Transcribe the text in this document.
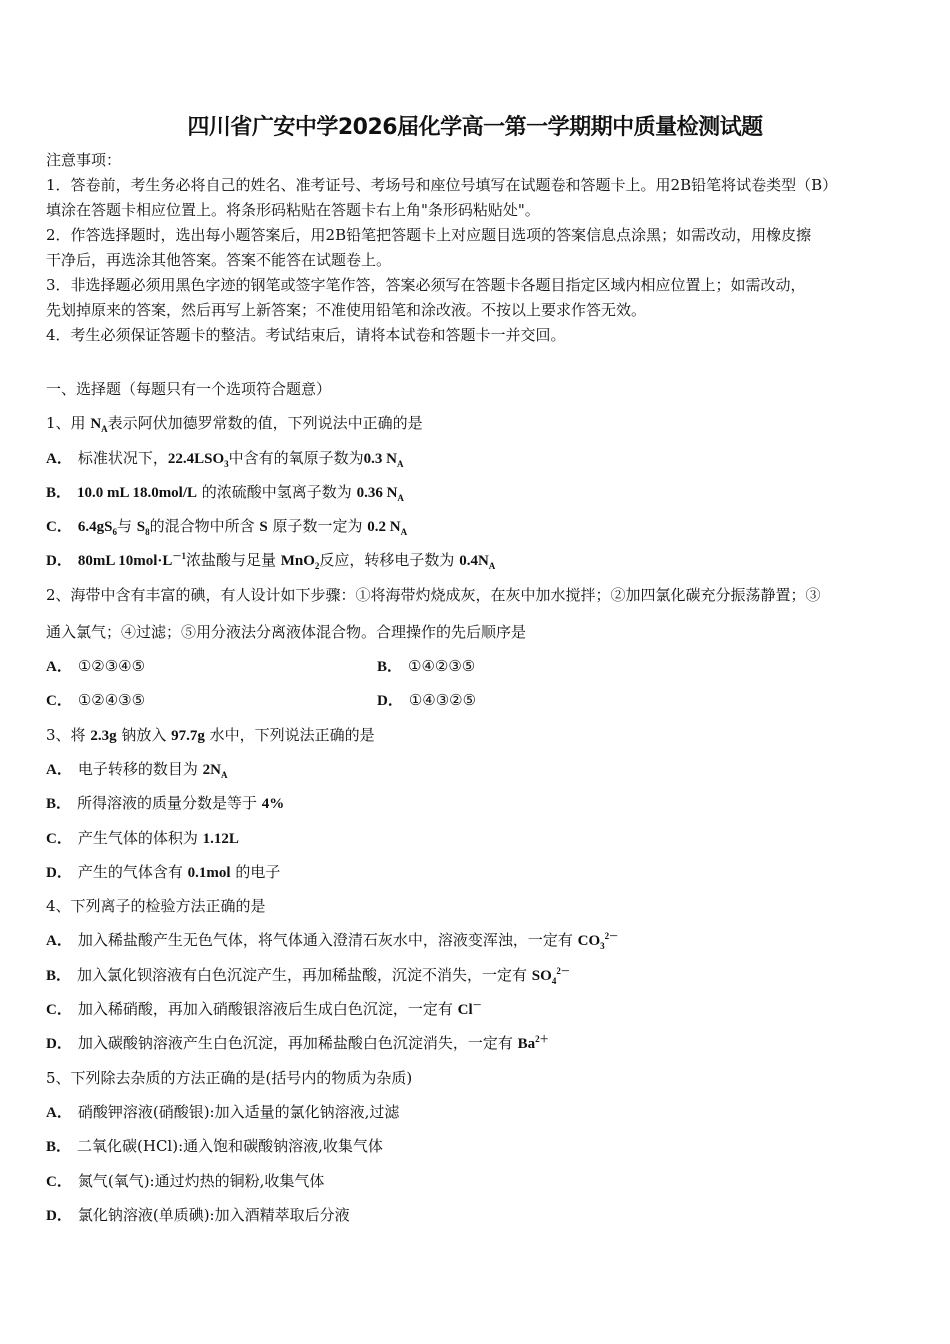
四川省广安中学2026届化学高一第一学期期中质量检测试题
注意事项：
1．答卷前，考生务必将自己的姓名、准考证号、考场号和座位号填写在试题卷和答题卡上。用2B铅笔将试卷类型（B）
填涂在答题卡相应位置上。将条形码粘贴在答题卡右上角"条形码粘贴处"。
2．作答选择题时，选出每小题答案后，用2B铅笔把答题卡上对应题目选项的答案信息点涂黑；如需改动，用橡皮擦
干净后，再选涂其他答案。答案不能答在试题卷上。
3．非选择题必须用黑色字迹的钢笔或签字笔作答，答案必须写在答题卡各题目指定区域内相应位置上；如需改动，
先划掉原来的答案，然后再写上新答案；不准使用铅笔和涂改液。不按以上要求作答无效。
4．考生必须保证答题卡的整洁。考试结束后，请将本试卷和答题卡一并交回。
一、选择题（每题只有一个选项符合题意）
1、用 $N_A$表示阿伏加德罗常数的值，下列说法中正确的是
A． 标准状况下，$22.4LSO_3$中含有的氧原子数为0.3 $N_A$
B． 10.0 mL 18.0mol/L 的浓硫酸中氢离子数为 0.36 $N_A$
C． $6.4gS_6$与 $S_8$的混合物中所含 S 原子数一定为 0.2 $N_A$
D． 80mL $10mol\cdot L^{-1}$浓盐酸与足量 MnO$_2$反应，转移电子数为 $0.4N_A$
2、海带中含有丰富的碘，有人设计如下步骤：①将海带灼烧成灰，在灰中加水搅拌；②加四氯化碳充分振荡静置；③
通入氯气；④过滤；⑤用分液法分离液体混合物。合理操作的先后顺序是
A． ①②③④⑤	B． ①④②③⑤
C． ①②④③⑤	D． ①④③②⑤
3、将 2.3g 钠放入 97.7g 水中，下列说法正确的是
A． 电子转移的数目为 $2N_A$
B． 所得溶液的质量分数是等于 4%
C． 产生气体的体积为 1.12L
D． 产生的气体含有 0.1mol 的电子
4、下列离子的检验方法正确的是
A． 加入稀盐酸产生无色气体，将气体通入澄清石灰水中，溶液变浑浊，一定有 $CO_3^{2-}$
B． 加入氯化钡溶液有白色沉淀产生，再加稀盐酸，沉淀不消失，一定有 $SO_4^{2-}$
C． 加入稀硝酸，再加入硝酸银溶液后生成白色沉淀，一定有 Cl－
D． 加入碳酸钠溶液产生白色沉淀，再加稀盐酸白色沉淀消失，一定有 $Ba^{2+}$
5、下列除去杂质的方法正确的是(括号内的物质为杂质)
A． 硝酸钾溶液(硝酸银):加入适量的氯化钠溶液,过滤
B． 二氧化碳(HCl):通入饱和碳酸钠溶液,收集气体
C． 氮气(氧气):通过灼热的铜粉,收集气体
D． 氯化钠溶液(单质碘):加入酒精萃取后分液
